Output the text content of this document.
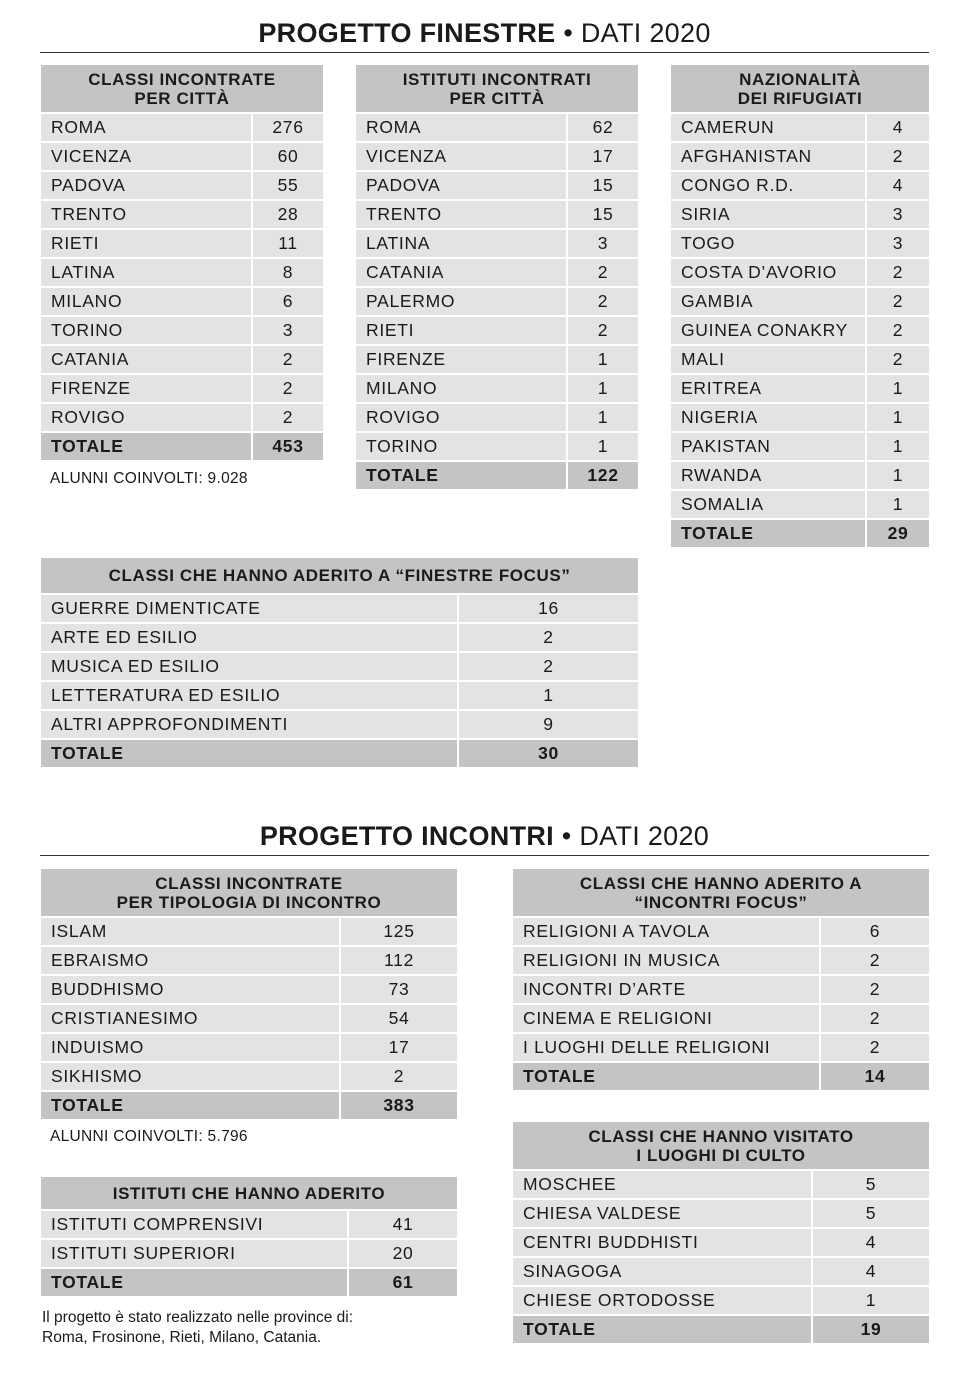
PROGETTO FINESTRE • DATI 2020
CLASSI INCONTRATE
PER CITTÀ
ROMA	276
VICENZA	60
PADOVA	55
TRENTO	28
RIETI	11
LATINA	8
MILANO	6
TORINO	3
CATANIA	2
FIRENZE	2
ROVIGO	2
TOTALE	453
ALUNNI COINVOLTI: 9.028
ISTITUTI INCONTRATI
PER CITTÀ
ROMA	62
VICENZA	17
PADOVA	15
TRENTO	15
LATINA	3
CATANIA	2
PALERMO	2
RIETI	2
FIRENZE	1
MILANO	1
ROVIGO	1
TORINO	1
TOTALE	122
NAZIONALITÀ
DEI RIFUGIATI
CAMERUN	4
AFGHANISTAN	2
CONGO R.D.	4
SIRIA	3
TOGO	3
COSTA D’AVORIO	2
GAMBIA	2
GUINEA CONAKRY	2
MALI	2
ERITREA	1
NIGERIA	1
PAKISTAN	1
RWANDA	1
SOMALIA	1
TOTALE	29
CLASSI CHE HANNO ADERITO A “FINESTRE FOCUS”
GUERRE DIMENTICATE	16
ARTE ED ESILIO	2
MUSICA ED ESILIO	2
LETTERATURA ED ESILIO	1
ALTRI APPROFONDIMENTI	9
TOTALE	30
PROGETTO INCONTRI • DATI 2020
CLASSI INCONTRATE
PER TIPOLOGIA DI INCONTRO
ISLAM	125
EBRAISMO	112
BUDDHISMO	73
CRISTIANESIMO	54
INDUISMO	17
SIKHISMO	2
TOTALE	383
ALUNNI COINVOLTI: 5.796
ISTITUTI CHE HANNO ADERITO
ISTITUTI COMPRENSIVI	41
ISTITUTI SUPERIORI	20
TOTALE	61
Il progetto è stato realizzato nelle province di:
Roma, Frosinone, Rieti, Milano, Catania.
CLASSI CHE HANNO ADERITO A
“INCONTRI FOCUS”
RELIGIONI A TAVOLA	6
RELIGIONI IN MUSICA	2
INCONTRI D’ARTE	2
CINEMA E RELIGIONI	2
I LUOGHI DELLE RELIGIONI	2
TOTALE	14
CLASSI CHE HANNO VISITATO
I LUOGHI DI CULTO
MOSCHEE	5
CHIESA VALDESE	5
CENTRI BUDDHISTI	4
SINAGOGA	4
CHIESE ORTODOSSE	1
TOTALE	19
